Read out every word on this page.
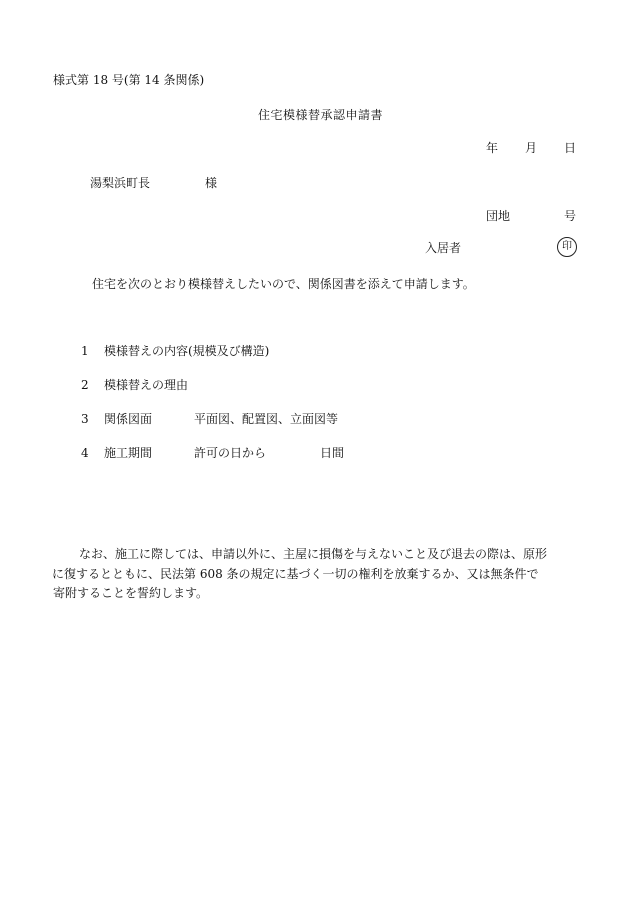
様式第 18 号(第 14 条関係)
住宅模様替承認申請書
年 月 日
湯梨浜町長	様
団地	号
入居者	印
住宅を次のとおり模様替えしたいので、関係図書を添えて申請します。
1 模様替えの内容(規模及び構造)
2 模様替えの理由
3 関係図面	平面図、配置図、立面図等
4 施工期間	許可の日から	日間
なお、施工に際しては、申請以外に、主屋に損傷を与えないこと及び退去の際は、原形
に復するとともに、民法第 608 条の規定に基づく一切の権利を放棄するか、又は無条件で
寄附することを誓約します。
